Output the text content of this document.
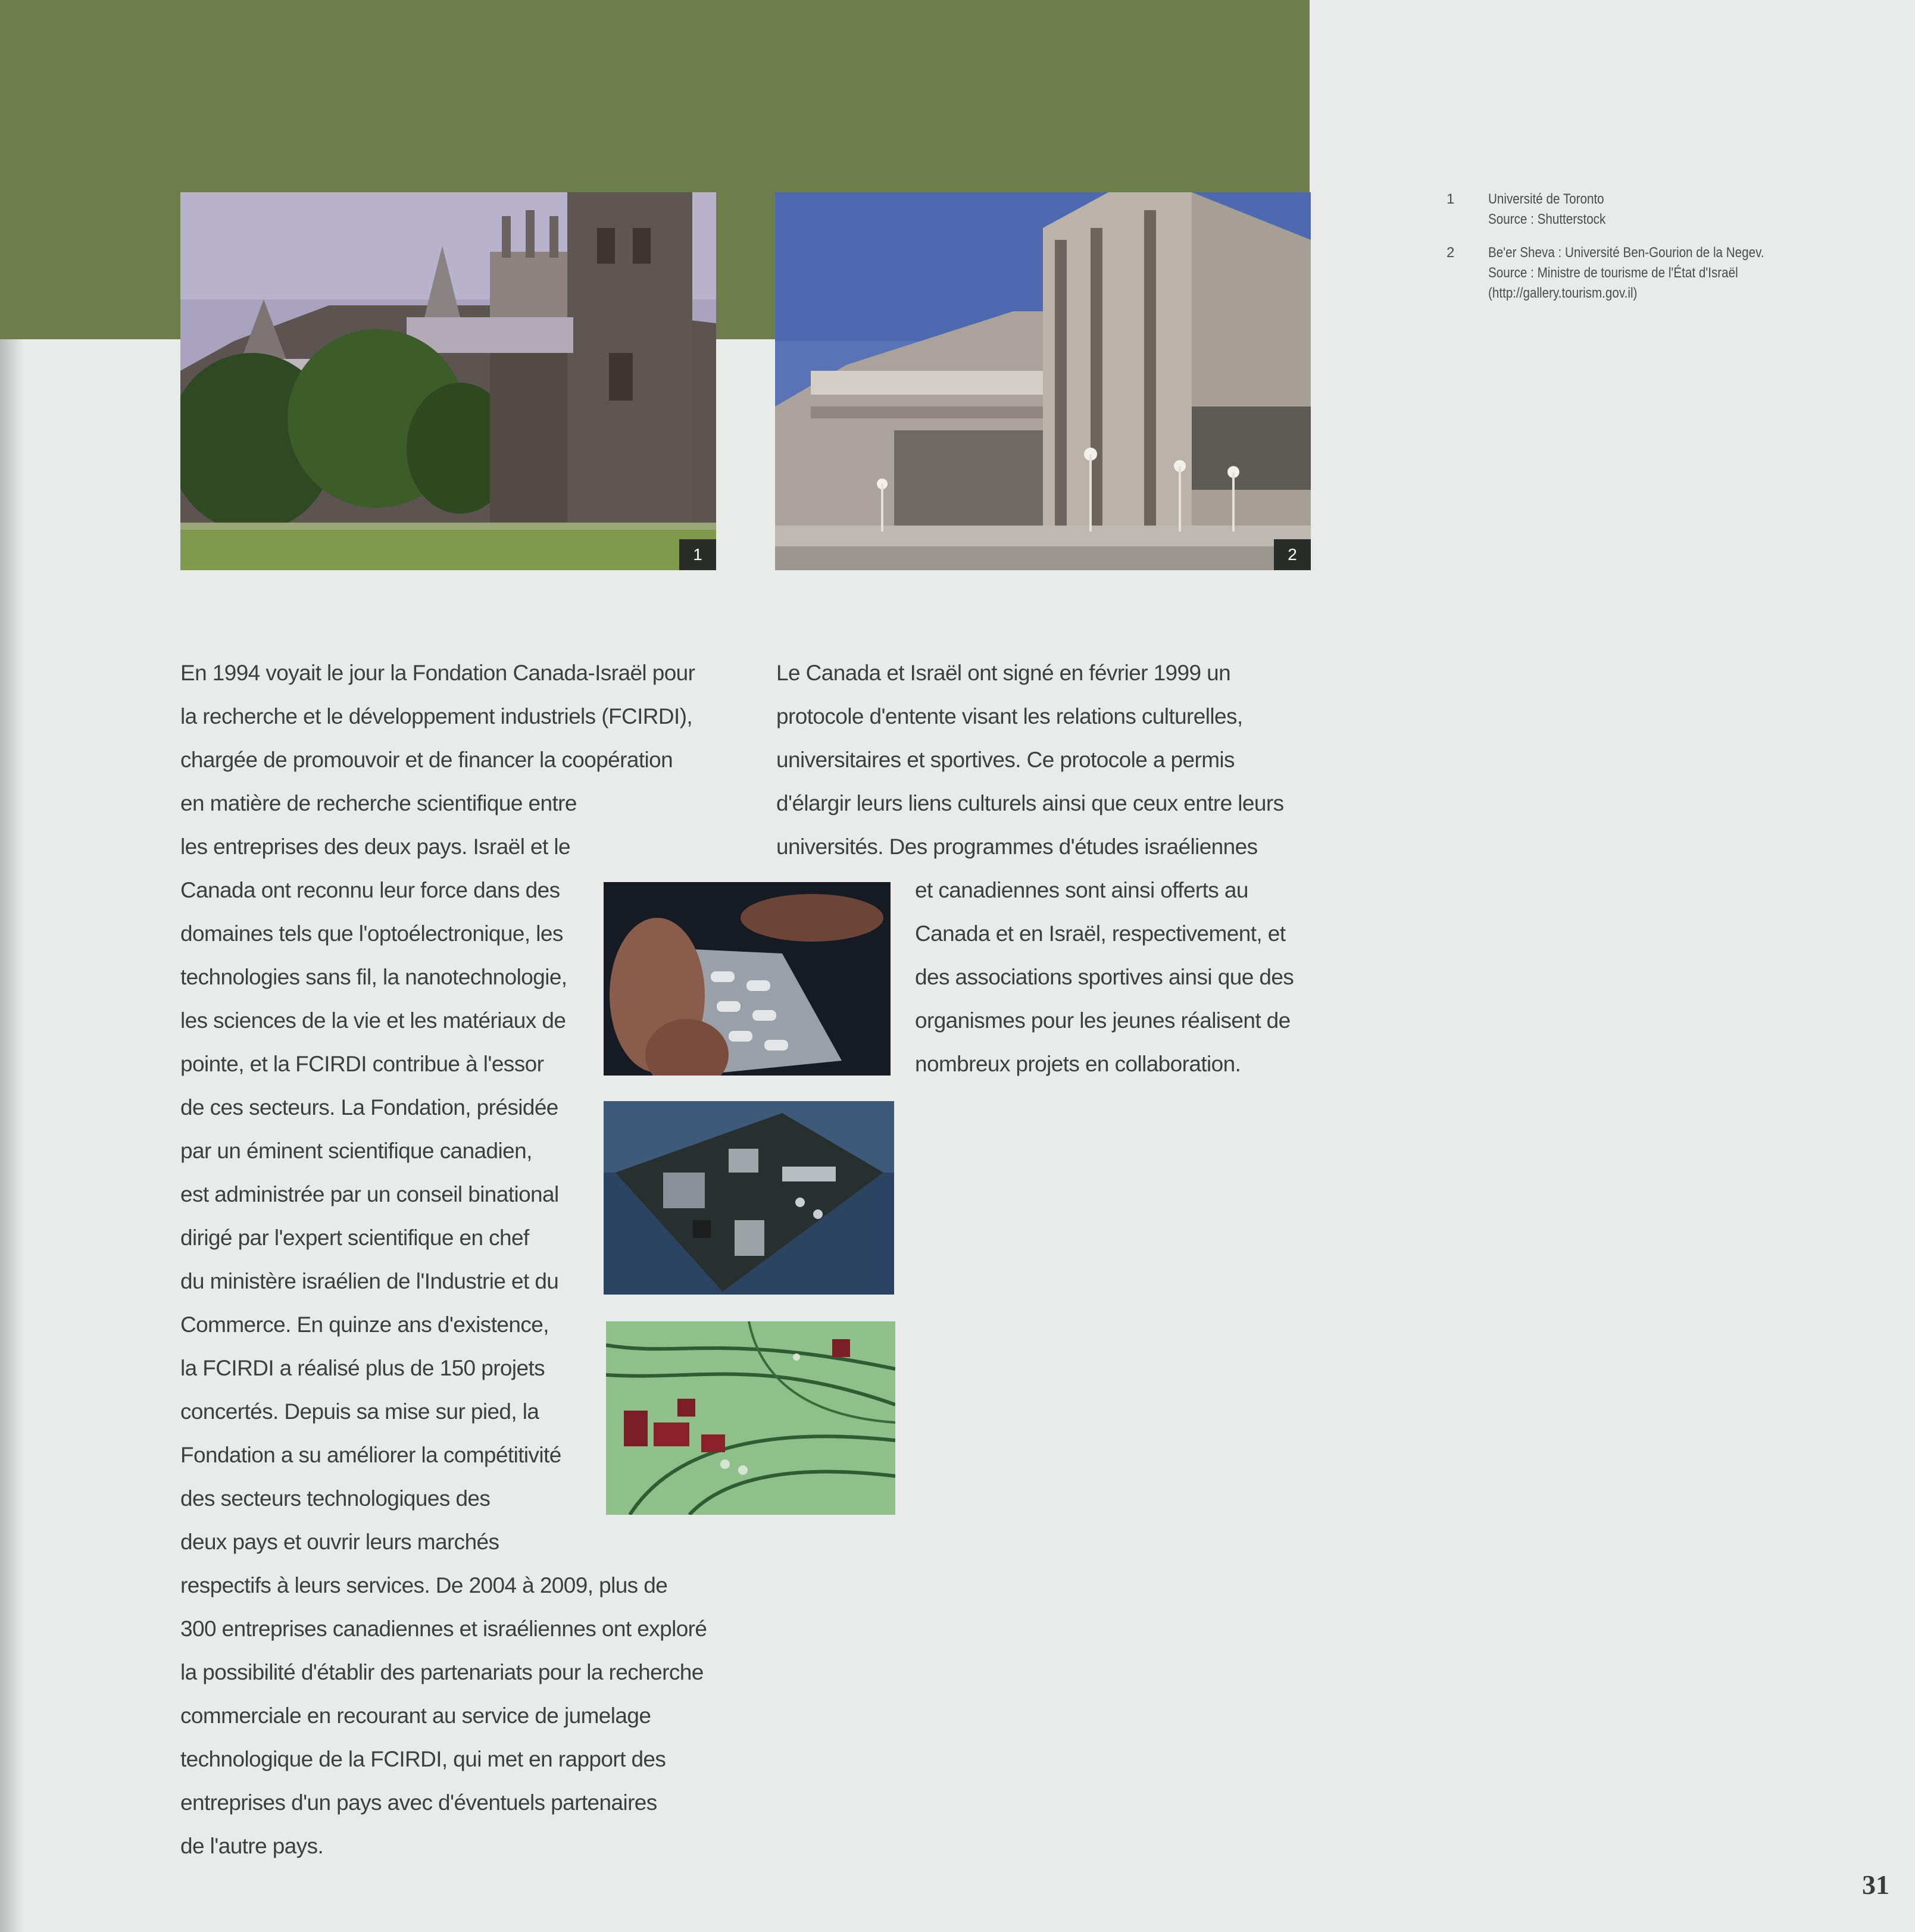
1	2
1	Université de Toronto
Source : Shutterstock
2	Be'er Sheva : Université Ben-Gourion de la Negev.
Source : Ministre de tourisme de l'État d'Israël
(http://gallery.tourism.gov.il)
En 1994 voyait le jour la Fondation Canada-Israël pour
la recherche et le développement industriels (FCIRDI),
chargée de promouvoir et de financer la coopération
en matière de recherche scientifique entre
les entreprises des deux pays. Israël et le
Canada ont reconnu leur force dans des
domaines tels que l'optoélectronique, les
technologies sans fil, la nanotechnologie,
les sciences de la vie et les matériaux de
pointe, et la FCIRDI contribue à l'essor
de ces secteurs. La Fondation, présidée
par un éminent scientifique canadien,
est administrée par un conseil binational
dirigé par l'expert scientifique en chef
du ministère israélien de l'Industrie et du
Commerce. En quinze ans d'existence,
la FCIRDI a réalisé plus de 150 projets
concertés. Depuis sa mise sur pied, la
Fondation a su améliorer la compétitivité
des secteurs technologiques des
deux pays et ouvrir leurs marchés
respectifs à leurs services. De 2004 à 2009, plus de
300 entreprises canadiennes et israéliennes ont exploré
la possibilité d'établir des partenariats pour la recherche
commerciale en recourant au service de jumelage
technologique de la FCIRDI, qui met en rapport des
entreprises d'un pays avec d'éventuels partenaires
de l'autre pays.
Le Canada et Israël ont signé en février 1999 un
protocole d'entente visant les relations culturelles,
universitaires et sportives. Ce protocole a permis
d'élargir leurs liens culturels ainsi que ceux entre leurs
universités. Des programmes d'études israéliennes
et canadiennes sont ainsi offerts au
Canada et en Israël, respectivement, et
des associations sportives ainsi que des
organismes pour les jeunes réalisent de
nombreux projets en collaboration.
31
